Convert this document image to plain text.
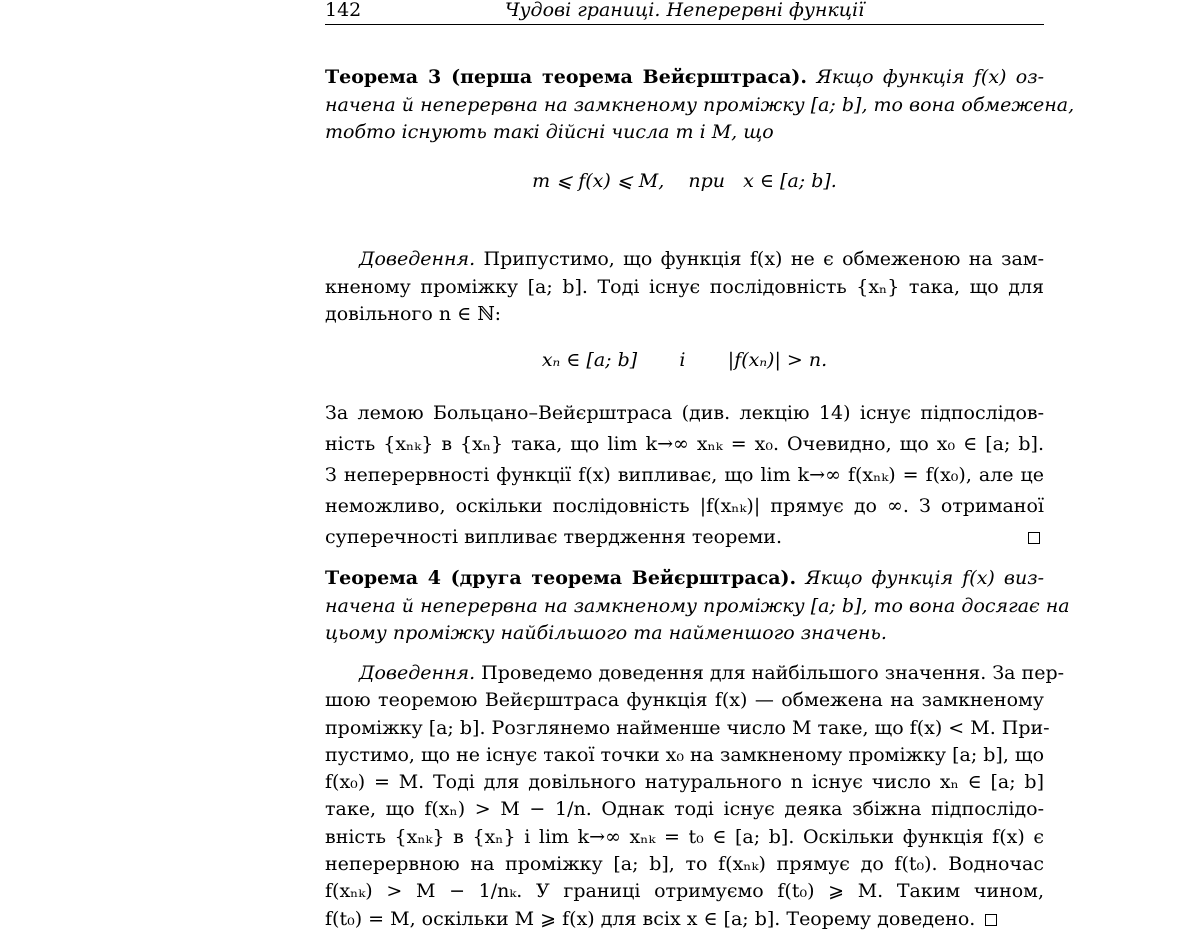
142	Чудові границі. Неперервні функції
Теорема 3 (перша теорема Вейєрштраса). Якщо функція f(x) оз-
начена й неперервна на замкненому проміжку [a; b], то вона обмежена,
тобто існують такі дійсні числа m і M, що
m ⩽ f(x) ⩽ M,    при   x ∈ [a; b].
Доведення. Припустимо, що функція f(x) не є обмеженою на зам-
кненому проміжку [a; b]. Тоді існує послідовність {xₙ} така, що для
довільного n ∈ ℕ:
xₙ ∈ [a; b]       і       |f(xₙ)| > n.
За лемою Больцано–Вейєрштраса (див. лекцію 14) існує підпослідов-
ність {xₙₖ} в {xₙ} така, що lim k→∞ xₙₖ = x₀. Очевидно, що x₀ ∈ [a; b].
З неперервності функції f(x) випливає, що lim k→∞ f(xₙₖ) = f(x₀), але це
неможливо, оскільки послідовність |f(xₙₖ)| прямує до ∞. З отриманої
суперечності випливає твердження теореми.
Теорема 4 (друга теорема Вейєрштраса). Якщо функція f(x) виз-
начена й неперервна на замкненому проміжку [a; b], то вона досягає на
цьому проміжку найбільшого та найменшого значень.
Доведення. Проведемо доведення для найбільшого значення. За пер-
шою теоремою Вейєрштраса функція f(x) — обмежена на замкненому
проміжку [a; b]. Розглянемо найменше число M таке, що f(x) < M. При-
пустимо, що не існує такої точки x₀ на замкненому проміжку [a; b], що
f(x₀) = M. Тоді для довільного натурального n існує число xₙ ∈ [a; b]
таке, що f(xₙ) > M − 1/n. Однак тоді існує деяка збіжна підпослідо-
вність {xₙₖ} в {xₙ} і lim k→∞ xₙₖ = t₀ ∈ [a; b]. Оскільки функція f(x) є
неперервною на проміжку [a; b], то f(xₙₖ) прямує до f(t₀). Водночас
f(xₙₖ) > M − 1/nₖ. У границі отримуємо f(t₀) ⩾ M. Таким чином,
f(t₀) = M, оскільки M ⩾ f(x) для всіх x ∈ [a; b]. Теорему доведено.
